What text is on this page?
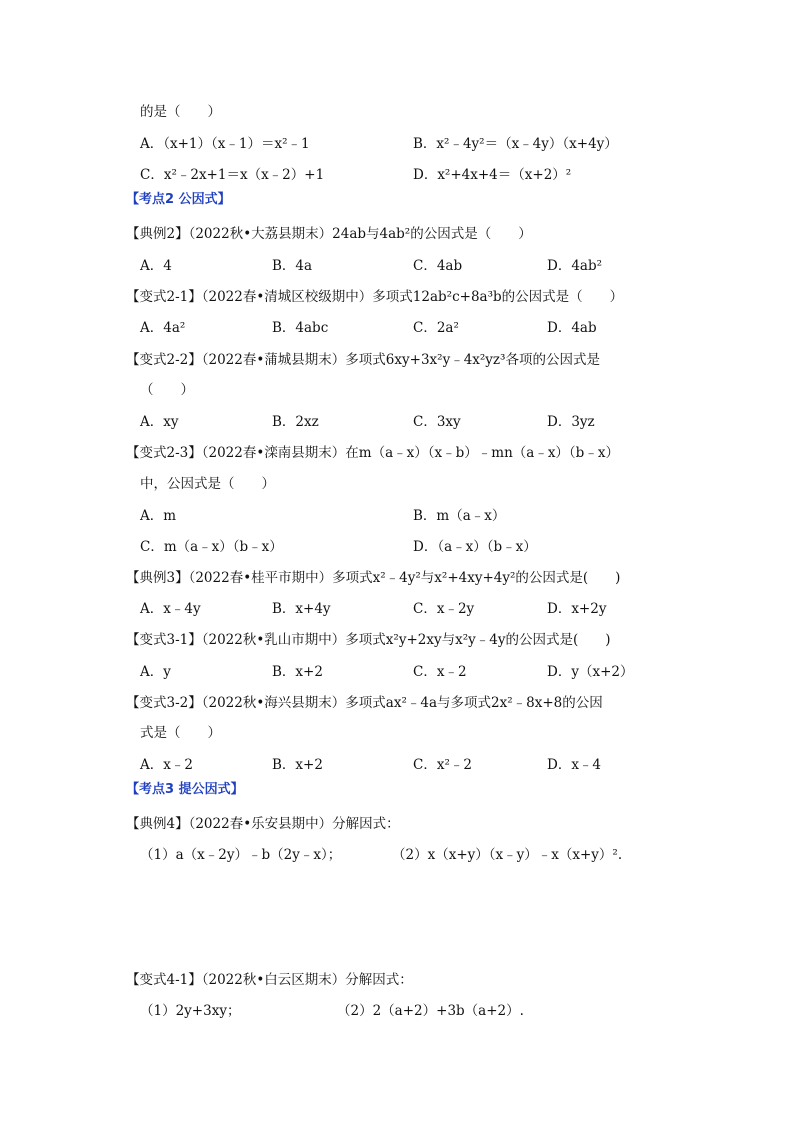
的是（　　）
A．（x+1）（x﹣1）＝x²﹣1	B．x²﹣4y²＝（x﹣4y）（x+4y）
C．x²﹣2x+1＝x（x﹣2）+1	D．x²+4x+4＝（x+2）²
【考点2 公因式】
【典例2】（2022秋•大荔县期末）24ab与4ab²的公因式是（　　）
A．4	B．4a	C．4ab	D．4ab²
【变式2-1】（2022春•清城区校级期中）多项式12ab²c+8a³b的公因式是（　　）
A．4a²	B．4abc	C．2a²	D．4ab
【变式2-2】（2022春•蒲城县期末）多项式6xy+3x²y﹣4x²yz³各项的公因式是
（　　）
A．xy	B．2xz	C．3xy	D．3yz
【变式2-3】（2022春•滦南县期末）在m（a﹣x）（x﹣b）﹣mn（a﹣x）（b﹣x）
中，公因式是（　　）
A．m	B．m（a﹣x）
C．m（a﹣x）（b﹣x）	D．（a﹣x）（b﹣x）
【典例3】（2022春•桂平市期中）多项式x²﹣4y²与x²+4xy+4y²的公因式是(　　)
A．x﹣4y	B．x+4y	C．x﹣2y	D．x+2y
【变式3-1】（2022秋•乳山市期中）多项式x²y+2xy与x²y﹣4y的公因式是(　　)
A．y	B．x+2	C．x﹣2	D．y（x+2）
【变式3-2】（2022秋•海兴县期末）多项式ax²﹣4a与多项式2x²﹣8x+8的公因
式是（　　）
A．x﹣2	B．x+2	C．x²﹣2	D．x﹣4
【考点3 提公因式】
【典例4】（2022春•乐安县期中）分解因式：
（1）a（x﹣2y）﹣b（2y﹣x）；	（2）x（x+y）（x﹣y）﹣x（x+y）².
【变式4-1】（2022秋•白云区期末）分解因式：
（1）2y+3xy；	（2）2（a+2）+3b（a+2）.
